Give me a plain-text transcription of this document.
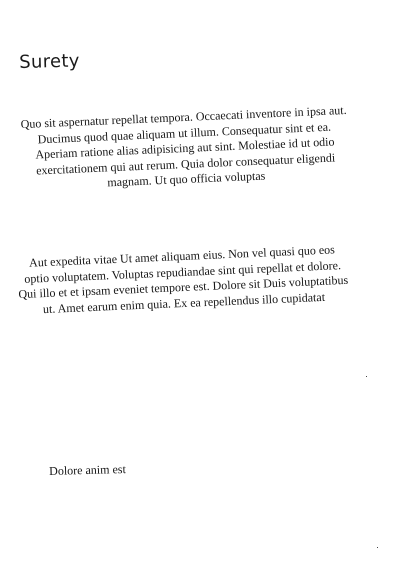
Surety

Quo sit aspernatur repellat tempora. Occaecati inventore in ipsa aut. Ducimus quod quae aliquam ut illum. Consequatur sint et ea. Aperiam ratione alias adipisicing aut sint. Molestiae id ut odio exercitationem qui aut rerum. Quia dolor consequatur eligendi magnam. Ut quo officia voluptas

Aut expedita vitae Ut amet aliquam eius. Non vel quasi quo eos optio voluptatem. Voluptas repudiandae sint qui repellat et dolore. Qui illo et et ipsam eveniet tempore est. Dolore sit Duis voluptatibus ut. Amet earum enim quia. Ex ea repellendus illo cupidatat

Dolore anim est
